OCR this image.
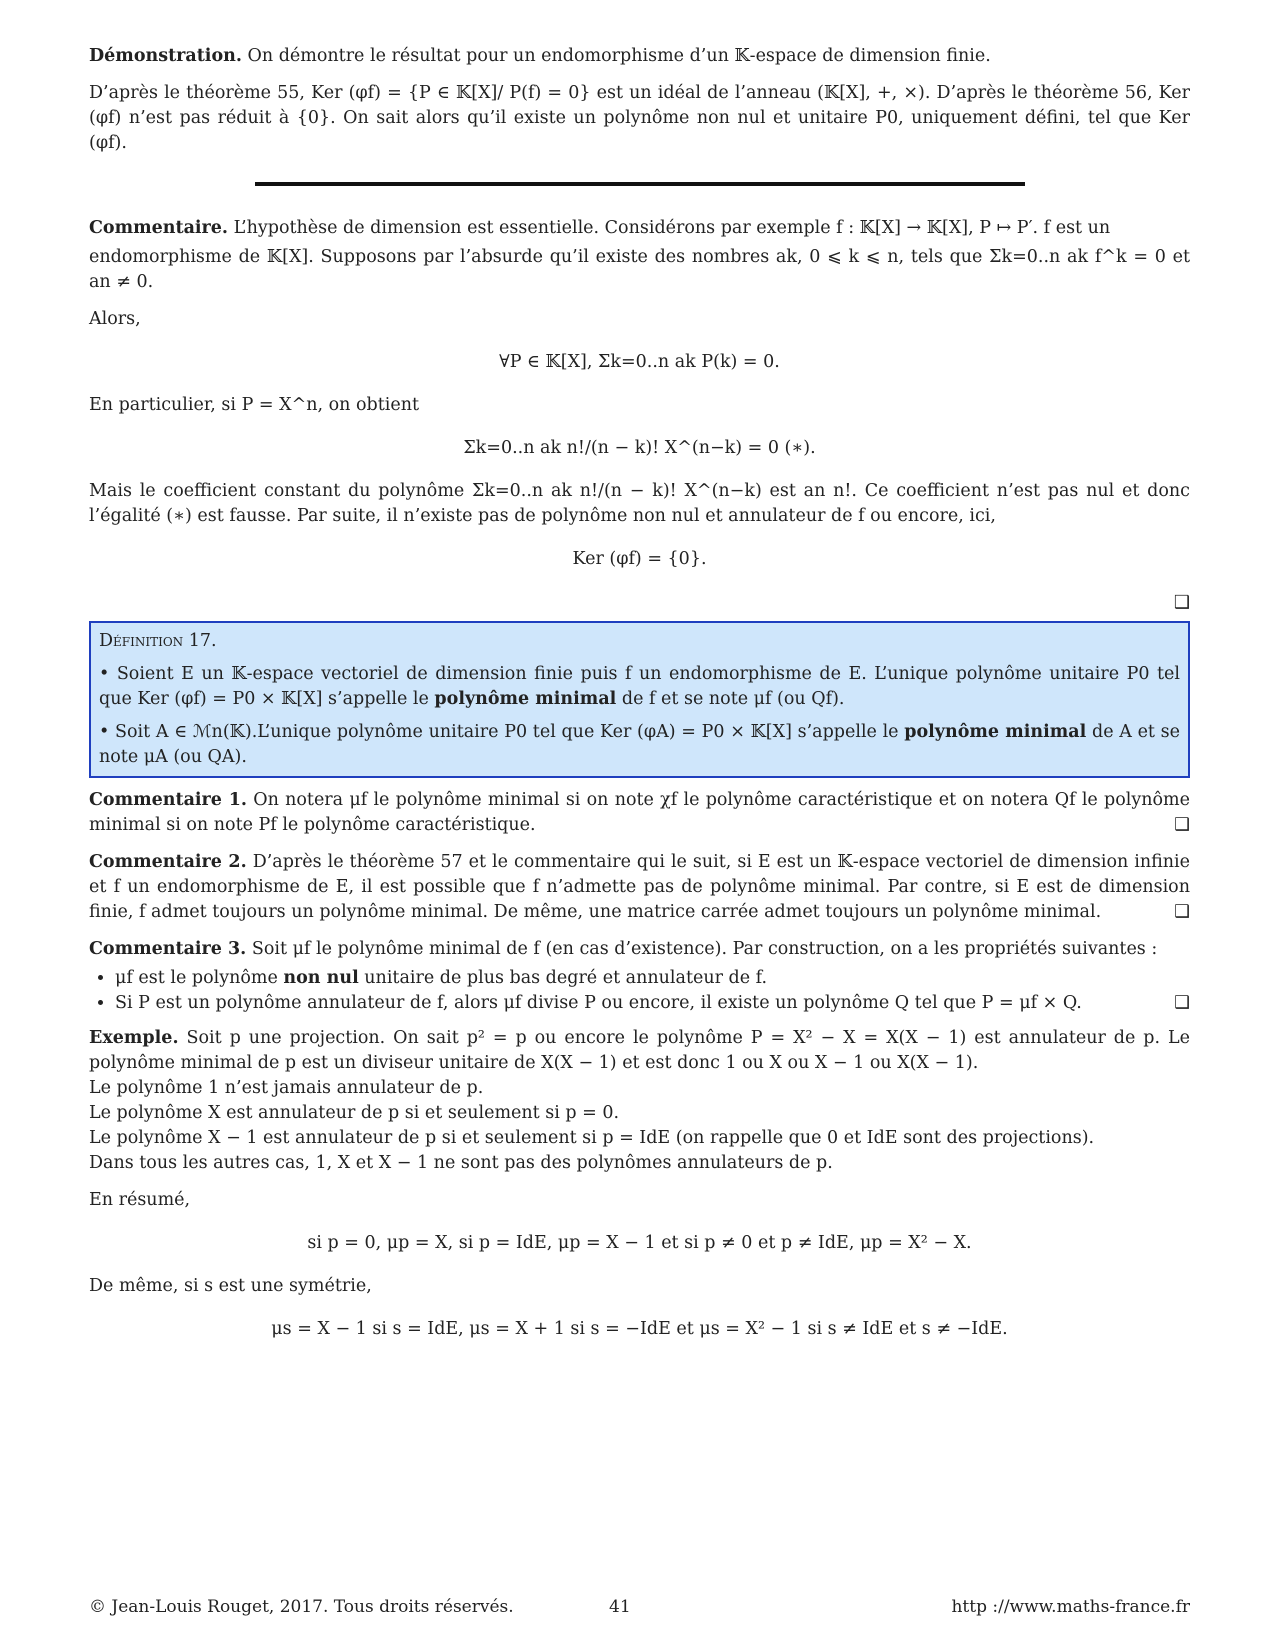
Démonstration. On démontre le résultat pour un endomorphisme d’un 𝕂-espace de dimension finie.

D’après le théorème 55, Ker (φf) = {P ∈ 𝕂[X]/ P(f) = 0} est un idéal de l’anneau (𝕂[X], +, ×). D’après le théorème 56, Ker (φf) n’est pas réduit à {0}. On sait alors qu’il existe un polynôme non nul et unitaire P0, uniquement défini, tel que Ker (φf).

Commentaire. L’hypothèse de dimension est essentielle. Considérons par exemple f : 𝕂[X] → 𝕂[X], P ↦ P′. f est un

endomorphisme de 𝕂[X]. Supposons par l’absurde qu’il existe des nombres ak, 0 ⩽ k ⩽ n, tels que Σk=0..n ak f^k = 0 et an ≠ 0.

Alors,

∀P ∈ 𝕂[X], Σk=0..n ak P(k) = 0.

En particulier, si P = X^n, on obtient

Σk=0..n ak n!/(n − k)! X^(n−k) = 0 (∗).

Mais le coefficient constant du polynôme Σk=0..n ak n!/(n − k)! X^(n−k) est an n!. Ce coefficient n’est pas nul et donc l’égalité (∗) est fausse. Par suite, il n’existe pas de polynôme non nul et annulateur de f ou encore, ici,

Ker (φf) = {0}.

❑
Définition 17.

• Soient E un 𝕂-espace vectoriel de dimension finie puis f un endomorphisme de E. L’unique polynôme unitaire P0 tel que Ker (φf) = P0 × 𝕂[X] s’appelle le polynôme minimal de f et se note μf (ou Qf).

• Soit A ∈ ℳn(𝕂).L’unique polynôme unitaire P0 tel que Ker (φA) = P0 × 𝕂[X] s’appelle le polynôme minimal de A et se note μA (ou QA).

Commentaire 1. On notera μf le polynôme minimal si on note χf le polynôme caractéristique et on notera Qf le polynôme minimal si on note Pf le polynôme caractéristique.	❑

Commentaire 2. D’après le théorème 57 et le commentaire qui le suit, si E est un 𝕂-espace vectoriel de dimension infinie et f un endomorphisme de E, il est possible que f n’admette pas de polynôme minimal. Par contre, si E est de dimension finie, f admet toujours un polynôme minimal. De même, une matrice carrée admet toujours un polynôme minimal.	❑

Commentaire 3. Soit μf le polynôme minimal de f (en cas d’existence). Par construction, on a les propriétés suivantes :

• μf est le polynôme non nul unitaire de plus bas degré et annulateur de f.
• Si P est un polynôme annulateur de f, alors μf divise P ou encore, il existe un polynôme Q tel que P = μf × Q.	❑

Exemple. Soit p une projection. On sait p² = p ou encore le polynôme P = X² − X = X(X − 1) est annulateur de p. Le polynôme minimal de p est un diviseur unitaire de X(X − 1) et est donc 1 ou X ou X − 1 ou X(X − 1).

Le polynôme 1 n’est jamais annulateur de p.

Le polynôme X est annulateur de p si et seulement si p = 0.

Le polynôme X − 1 est annulateur de p si et seulement si p = IdE (on rappelle que 0 et IdE sont des projections).

Dans tous les autres cas, 1, X et X − 1 ne sont pas des polynômes annulateurs de p.

En résumé,

si p = 0, μp = X, si p = IdE, μp = X − 1 et si p ≠ 0 et p ≠ IdE, μp = X² − X.

De même, si s est une symétrie,

μs = X − 1 si s = IdE, μs = X + 1 si s = −IdE et μs = X² − 1 si s ≠ IdE et s ≠ −IdE.

© Jean-Louis Rouget, 2017. Tous droits réservés.	41	http ://www.maths-france.fr
